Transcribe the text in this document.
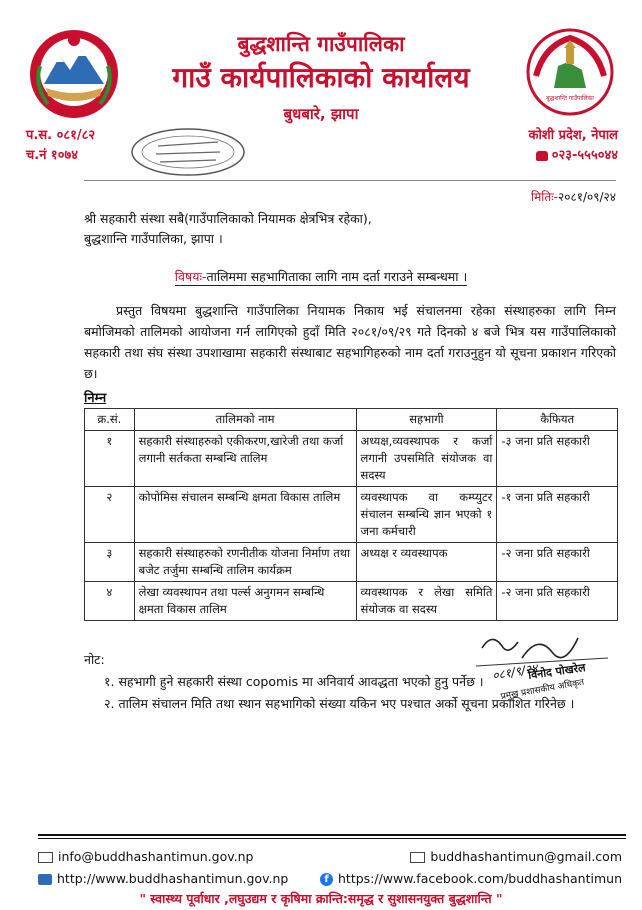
बुद्धशान्ति गाउँपालिका
बुद्धशान्ति गाउँपालिका
गाउँ कार्यपालिकाको कार्यालय
बुधबारे, झापा
प.स. ०८१/८२
च.नं १०७४
कोशी प्रदेश, नेपाल
०२३-५५५०४४
मितिः-२०८१/०९/२४
श्री सहकारी संस्था सबै(गाउँपालिकाको नियामक क्षेत्रभित्र रहेका),
बुद्धशान्ति गाउँपालिका, झापा ।
विषयः-तालिममा सहभागिताका लागि नाम दर्ता गराउने सम्बन्धमा ।
प्रस्तुत विषयमा बुद्धशान्ति गाउँपालिका नियामक निकाय भई संचालनमा रहेका संस्थाहरुका लागि निम्न बमोजिमको तालिमको आयोजना गर्न लागिएको हुदाँ मिति २०८१/०९/२९ गते दिनको ४ बजे भित्र यस गाउँपालिकाको सहकारी तथा संघ संस्था उपशाखामा सहकारी संस्थाबाट सहभागिहरुको नाम दर्ता गराउनुहुन यो सूचना प्रकाशन गरिएको छ।
निम्न
क्र.सं.	तालिमको नाम	सहभागी	कैफियत
१	सहकारी संस्थाहरुको एकीकरण,खारेजी तथा कर्जा लगानी सर्तकता सम्बन्धि तालिम	अध्यक्ष,व्यवस्थापक र कर्जा लगानी उपसमिति संयोजक वा सदस्य	-३ जना प्रति सहकारी
२	कोपोमिस संचालन सम्बन्धि क्षमता विकास तालिम	व्यवस्थापक वा कम्प्युटर संचालन सम्बन्धि ज्ञान भएको १ जना कर्मचारी	-१ जना प्रति सहकारी
३	सहकारी संस्थाहरुको रणनीतीक योजना निर्माण तथा बजेट तर्जुमा सम्बन्धि तालिम कार्यक्रम	अध्यक्ष र व्यवस्थापक	-२ जना प्रति सहकारी
४	लेखा व्यवस्थापन तथा पर्ल्स अनुगमन सम्बन्धि क्षमता विकास तालिम	व्यवस्थापक र लेखा समिति संयोजक वा सदस्य	-२ जना प्रति सहकारी
०८१/९/२४
विनोद पोखरेल
प्रमुख प्रशासकीय अधिकृत
नोट:
१. सहभागी हुने सहकारी संस्था copomis मा अनिवार्य आवद्धता भएको हुनु पर्नेछ ।
२. तालिम संचालन मिति तथा स्थान सहभागिको संख्या यकिन भए पश्चात अर्को सूचना प्रकाशित गरिनेछ ।
info@buddhashantimun.gov.np	buddhashantimun@gmail.com
http://www.buddhashantimun.gov.np	f https://www.facebook.com/buddhashantimun
" स्वास्थ्य पूर्वाधार ,लघुउद्यम र कृषिमा क्रान्ति:समृद्ध र सुशासनयुक्त बुद्धशान्ति "
